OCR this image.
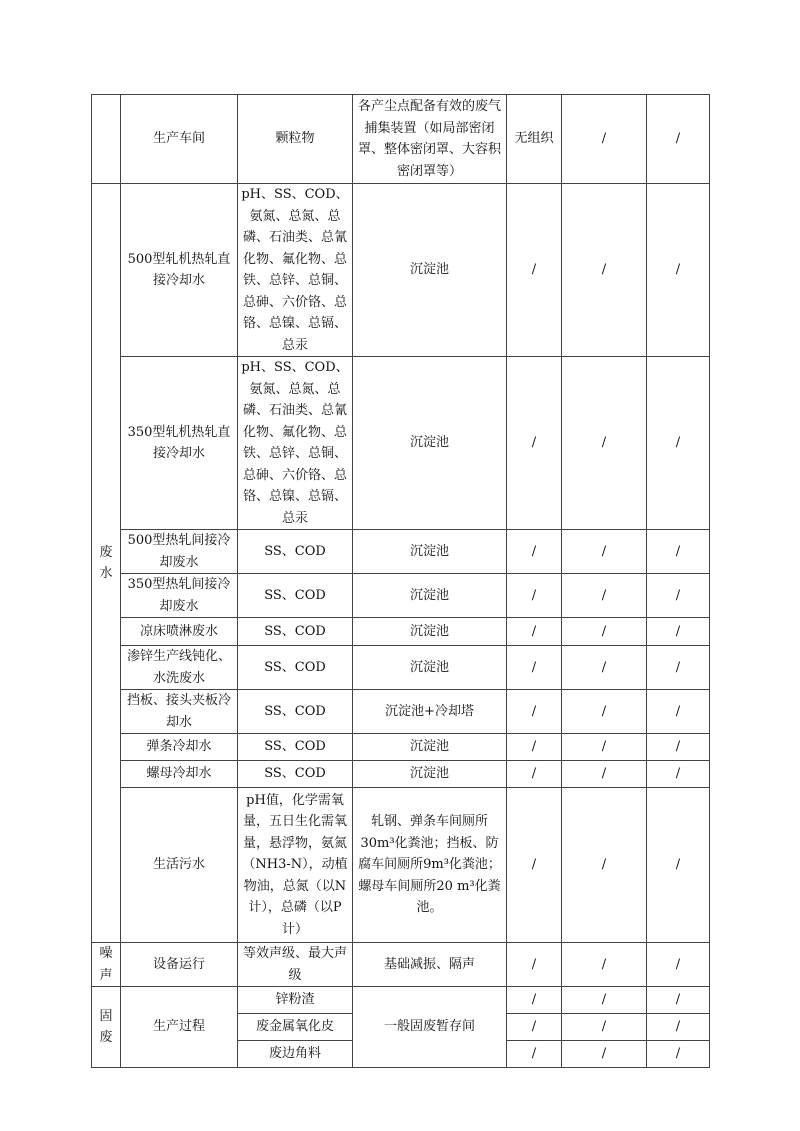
	生产车间	颗粒物	各产尘点配备有效的废气捕集装置（如局部密闭罩、整体密闭罩、大容积密闭罩等）	无组织	/	/

废
水	500型轧机热轧直接冷却水	pH、SS、COD、氨氮、总氮、总磷、石油类、总氰化物、氟化物、总铁、总锌、总铜、总砷、六价铬、总铬、总镍、总镉、总汞	沉淀池	/	/	/
	350型轧机热轧直接冷却水	pH、SS、COD、氨氮、总氮、总磷、石油类、总氰化物、氟化物、总铁、总锌、总铜、总砷、六价铬、总铬、总镍、总镉、总汞	沉淀池	/	/	/
	500型热轧间接冷却废水	SS、COD	沉淀池	/	/	/
	350型热轧间接冷却废水	SS、COD	沉淀池	/	/	/
	凉床喷淋废水	SS、COD	沉淀池	/	/	/
	渗锌生产线钝化、水洗废水	SS、COD	沉淀池	/	/	/
	挡板、接头夹板冷却水	SS、COD	沉淀池+冷却塔	/	/	/
	弹条冷却水	SS、COD	沉淀池	/	/	/
	螺母冷却水	SS、COD	沉淀池	/	/	/
	生活污水	pH值，化学需氧量，五日生化需氧量，悬浮物，氨氮（NH3-N），动植物油，总氮（以N计），总磷（以P计）	轧钢、弹条车间厕所30m³化粪池；挡板、防腐车间厕所9m³化粪池；螺母车间厕所20 m³化粪池。	/	/	/

噪
声	设备运行	等效声级、最大声级	基础减振、隔声	/	/	/

固
废	生产过程	锌粉渣	一般固废暂存间	/	/	/
		废金属氧化皮		/	/	/
		废边角料		/	/	/
